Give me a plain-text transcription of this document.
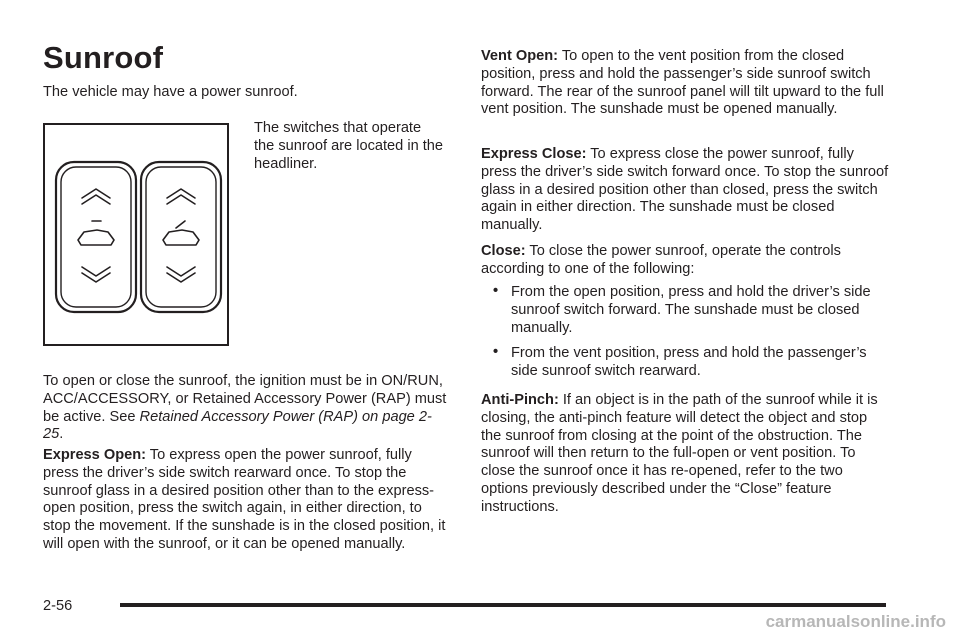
Sunroof
The vehicle may have a power sunroof.
The switches that operate the sunroof are located in the headliner.
To open or close the sunroof, the ignition must be in ON/RUN, ACC/ACCESSORY, or Retained Accessory Power (RAP) must be active. See Retained Accessory Power (RAP) on page 2-25.
Express Open: To express open the power sunroof, fully press the driver’s side switch rearward once. To stop the sunroof glass in a desired position other than to the express-open position, press the switch again, in either direction, to stop the movement. If the sunshade is in the closed position, it will open with the sunroof, or it can be opened manually.
Vent Open: To open to the vent position from the closed position, press and hold the passenger’s side sunroof switch forward. The rear of the sunroof panel will tilt upward to the full vent position. The sunshade must be opened manually.
Express Close: To express close the power sunroof, fully press the driver’s side switch forward once. To stop the sunroof glass in a desired position other than closed, press the switch again in either direction. The sunshade must be closed manually.
Close: To close the power sunroof, operate the controls according to one of the following:
• From the open position, press and hold the driver’s side sunroof switch forward. The sunshade must be closed manually.
• From the vent position, press and hold the passenger’s side sunroof switch rearward.
Anti-Pinch: If an object is in the path of the sunroof while it is closing, the anti-pinch feature will detect the object and stop the sunroof from closing at the point of the obstruction. The sunroof will then return to the full-open or vent position. To close the sunroof once it has re-opened, refer to the two options previously described under the “Close” feature instructions.
2-56
carmanualsonline.info
